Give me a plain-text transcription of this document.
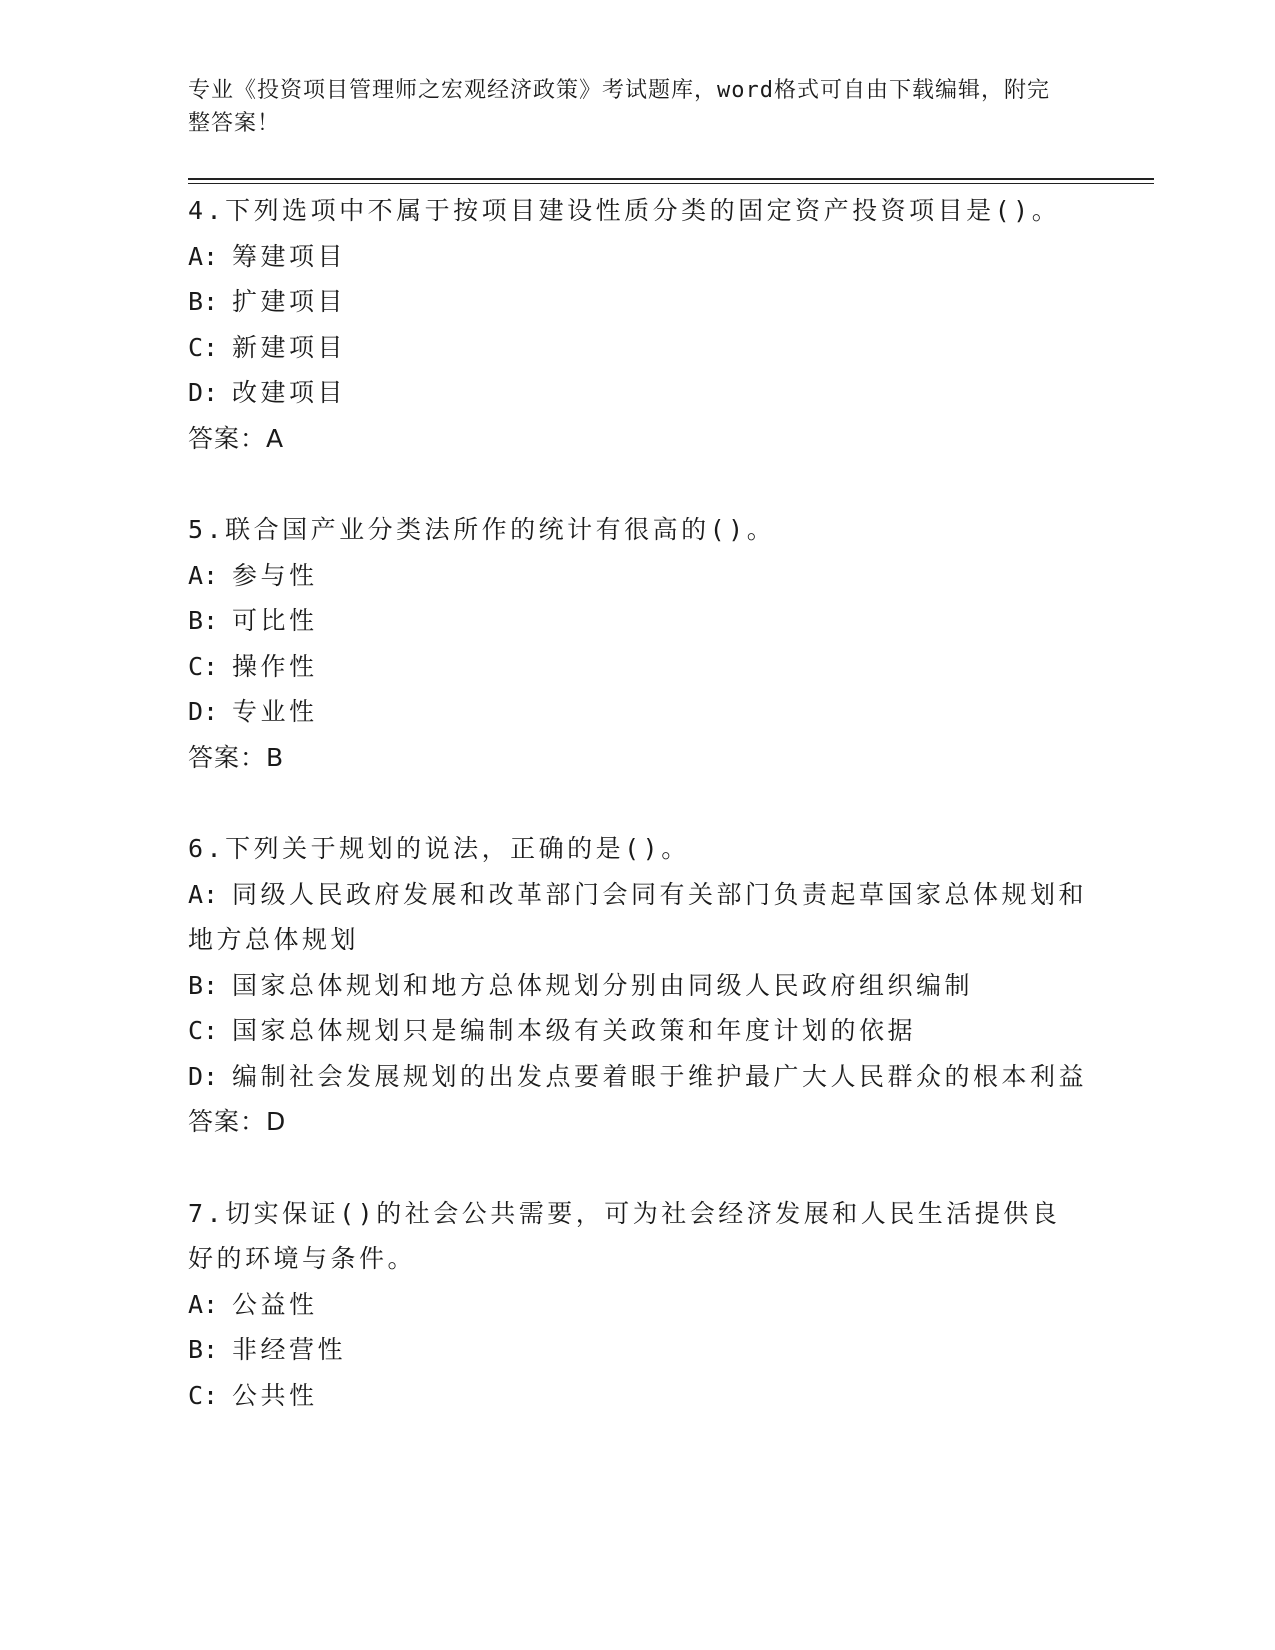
专业《投资项目管理师之宏观经济政策》考试题库，word格式可自由下载编辑，附完整答案！
4.下列选项中不属于按项目建设性质分类的固定资产投资项目是()。
A: 筹建项目
B: 扩建项目
C: 新建项目
D: 改建项目
答案：A
5.联合国产业分类法所作的统计有很高的()。
A: 参与性
B: 可比性
C: 操作性
D: 专业性
答案：B
6.下列关于规划的说法，正确的是()。
A: 同级人民政府发展和改革部门会同有关部门负责起草国家总体规划和地方总体规划
B: 国家总体规划和地方总体规划分别由同级人民政府组织编制
C: 国家总体规划只是编制本级有关政策和年度计划的依据
D: 编制社会发展规划的出发点要着眼于维护最广大人民群众的根本利益
答案：D
7.切实保证()的社会公共需要，可为社会经济发展和人民生活提供良好的环境与条件。
A: 公益性
B: 非经营性
C: 公共性
